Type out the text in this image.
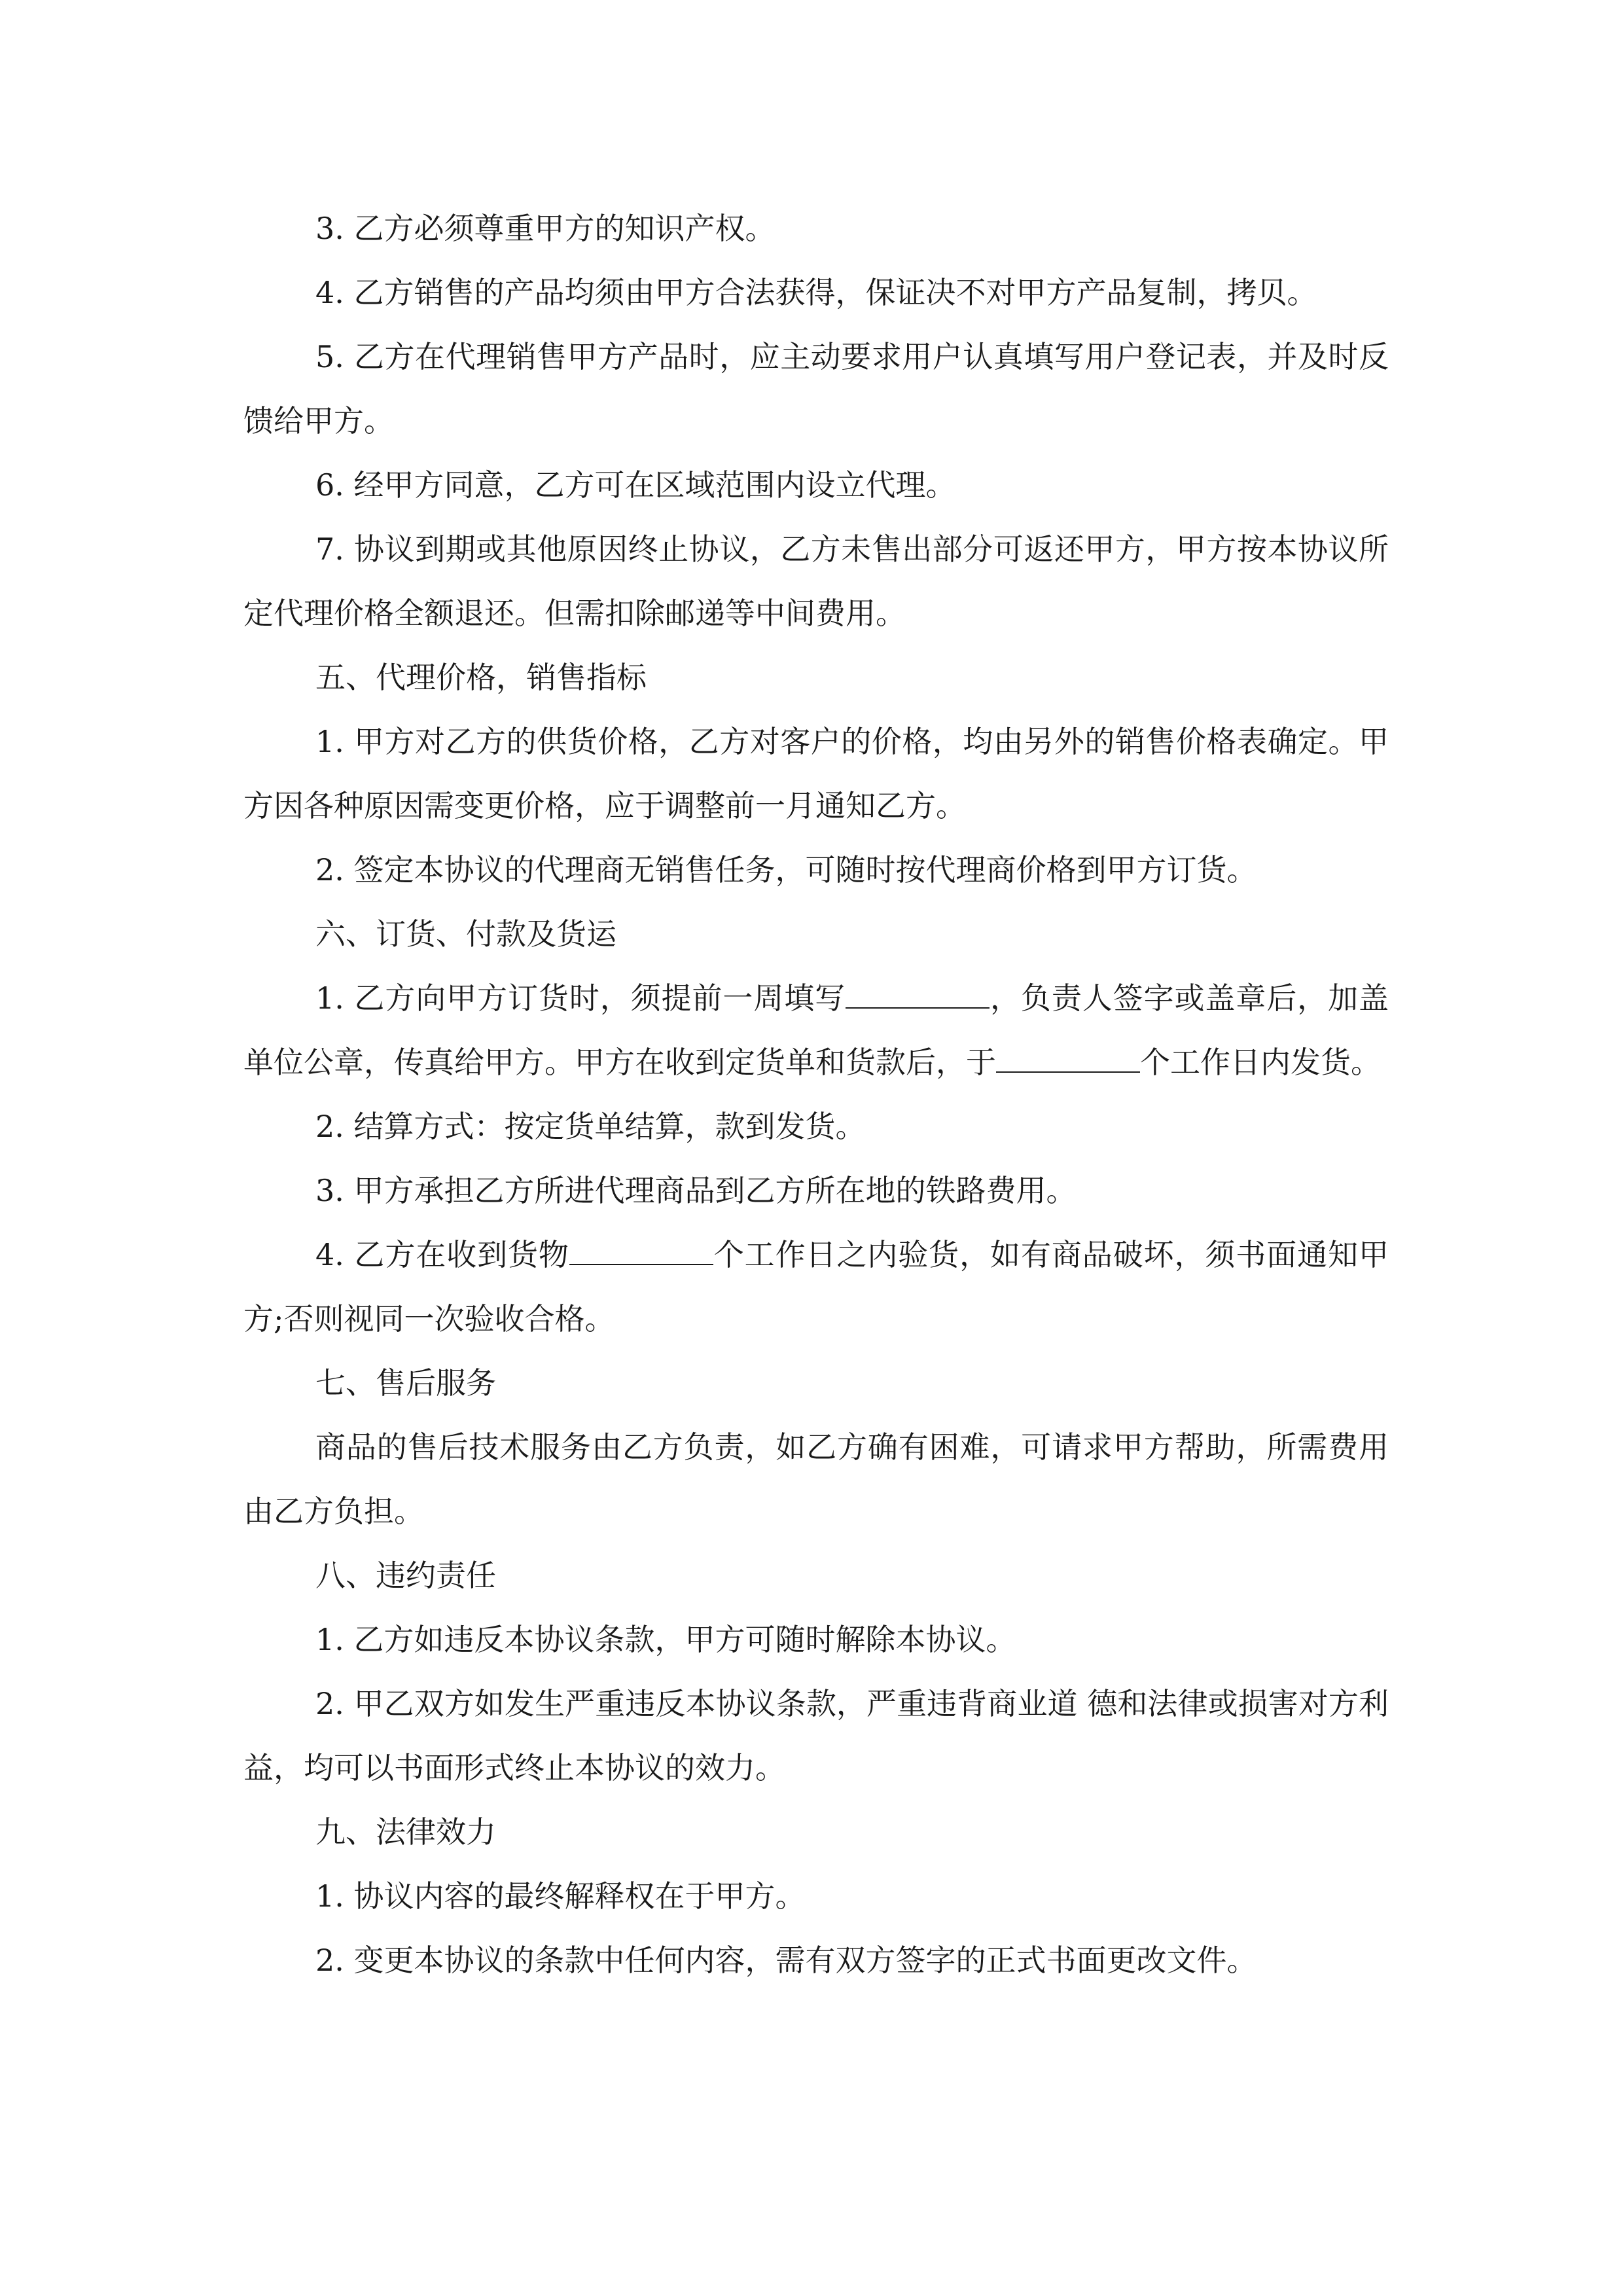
3. 乙方必须尊重甲方的知识产权。

4. 乙方销售的产品均须由甲方合法获得，保证决不对甲方产品复制，拷贝。

5. 乙方在代理销售甲方产品时，应主动要求用户认真填写用户登记表，并及时反馈给甲方。

6. 经甲方同意，乙方可在区域范围内设立代理。

7. 协议到期或其他原因终止协议，乙方未售出部分可返还甲方，甲方按本协议所定代理价格全额退还。但需扣除邮递等中间费用。

五、代理价格，销售指标

1. 甲方对乙方的供货价格，乙方对客户的价格，均由另外的销售价格表确定。甲方因各种原因需变更价格，应于调整前一月通知乙方。

2. 签定本协议的代理商无销售任务，可随时按代理商价格到甲方订货。

六、订货、付款及货运

1. 乙方向甲方订货时，须提前一周填写	，负责人签字或盖章后，加盖单位公章，传真给甲方。甲方在收到定货单和货款后，于	个工作日内发货。

2. 结算方式：按定货单结算，款到发货。

3. 甲方承担乙方所进代理商品到乙方所在地的铁路费用。

4. 乙方在收到货物	个工作日之内验货，如有商品破坏，须书面通知甲方;否则视同一次验收合格。

七、售后服务

商品的售后技术服务由乙方负责，如乙方确有困难，可请求甲方帮助，所需费用由乙方负担。

八、违约责任

1. 乙方如违反本协议条款，甲方可随时解除本协议。

2. 甲乙双方如发生严重违反本协议条款，严重违背商业道 德和法律或损害对方利益，均可以书面形式终止本协议的效力。

九、法律效力

1. 协议内容的最终解释权在于甲方。

2. 变更本协议的条款中任何内容，需有双方签字的正式书面更改文件。
